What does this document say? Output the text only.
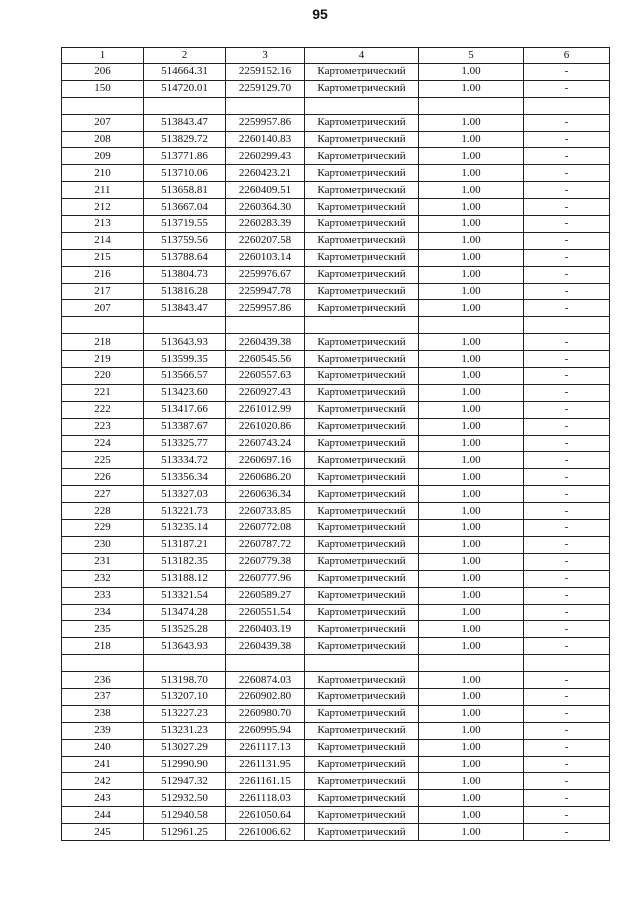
95
1	2	3	4	5	6
206	514664.31	2259152.16	Картометрический	1.00	-
150	514720.01	2259129.70	Картометрический	1.00	-

207	513843.47	2259957.86	Картометрический	1.00	-
208	513829.72	2260140.83	Картометрический	1.00	-
209	513771.86	2260299.43	Картометрический	1.00	-
210	513710.06	2260423.21	Картометрический	1.00	-
211	513658.81	2260409.51	Картометрический	1.00	-
212	513667.04	2260364.30	Картометрический	1.00	-
213	513719.55	2260283.39	Картометрический	1.00	-
214	513759.56	2260207.58	Картометрический	1.00	-
215	513788.64	2260103.14	Картометрический	1.00	-
216	513804.73	2259976.67	Картометрический	1.00	-
217	513816.28	2259947.78	Картометрический	1.00	-
207	513843.47	2259957.86	Картометрический	1.00	-

218	513643.93	2260439.38	Картометрический	1.00	-
219	513599.35	2260545.56	Картометрический	1.00	-
220	513566.57	2260557.63	Картометрический	1.00	-
221	513423.60	2260927.43	Картометрический	1.00	-
222	513417.66	2261012.99	Картометрический	1.00	-
223	513387.67	2261020.86	Картометрический	1.00	-
224	513325.77	2260743.24	Картометрический	1.00	-
225	513334.72	2260697.16	Картометрический	1.00	-
226	513356.34	2260686.20	Картометрический	1.00	-
227	513327.03	2260636.34	Картометрический	1.00	-
228	513221.73	2260733.85	Картометрический	1.00	-
229	513235.14	2260772.08	Картометрический	1.00	-
230	513187.21	2260787.72	Картометрический	1.00	-
231	513182.35	2260779.38	Картометрический	1.00	-
232	513188.12	2260777.96	Картометрический	1.00	-
233	513321.54	2260589.27	Картометрический	1.00	-
234	513474.28	2260551.54	Картометрический	1.00	-
235	513525.28	2260403.19	Картометрический	1.00	-
218	513643.93	2260439.38	Картометрический	1.00	-

236	513198.70	2260874.03	Картометрический	1.00	-
237	513207.10	2260902.80	Картометрический	1.00	-
238	513227.23	2260980.70	Картометрический	1.00	-
239	513231.23	2260995.94	Картометрический	1.00	-
240	513027.29	2261117.13	Картометрический	1.00	-
241	512990.90	2261131.95	Картометрический	1.00	-
242	512947.32	2261161.15	Картометрический	1.00	-
243	512932.50	2261118.03	Картометрический	1.00	-
244	512940.58	2261050.64	Картометрический	1.00	-
245	512961.25	2261006.62	Картометрический	1.00	-
